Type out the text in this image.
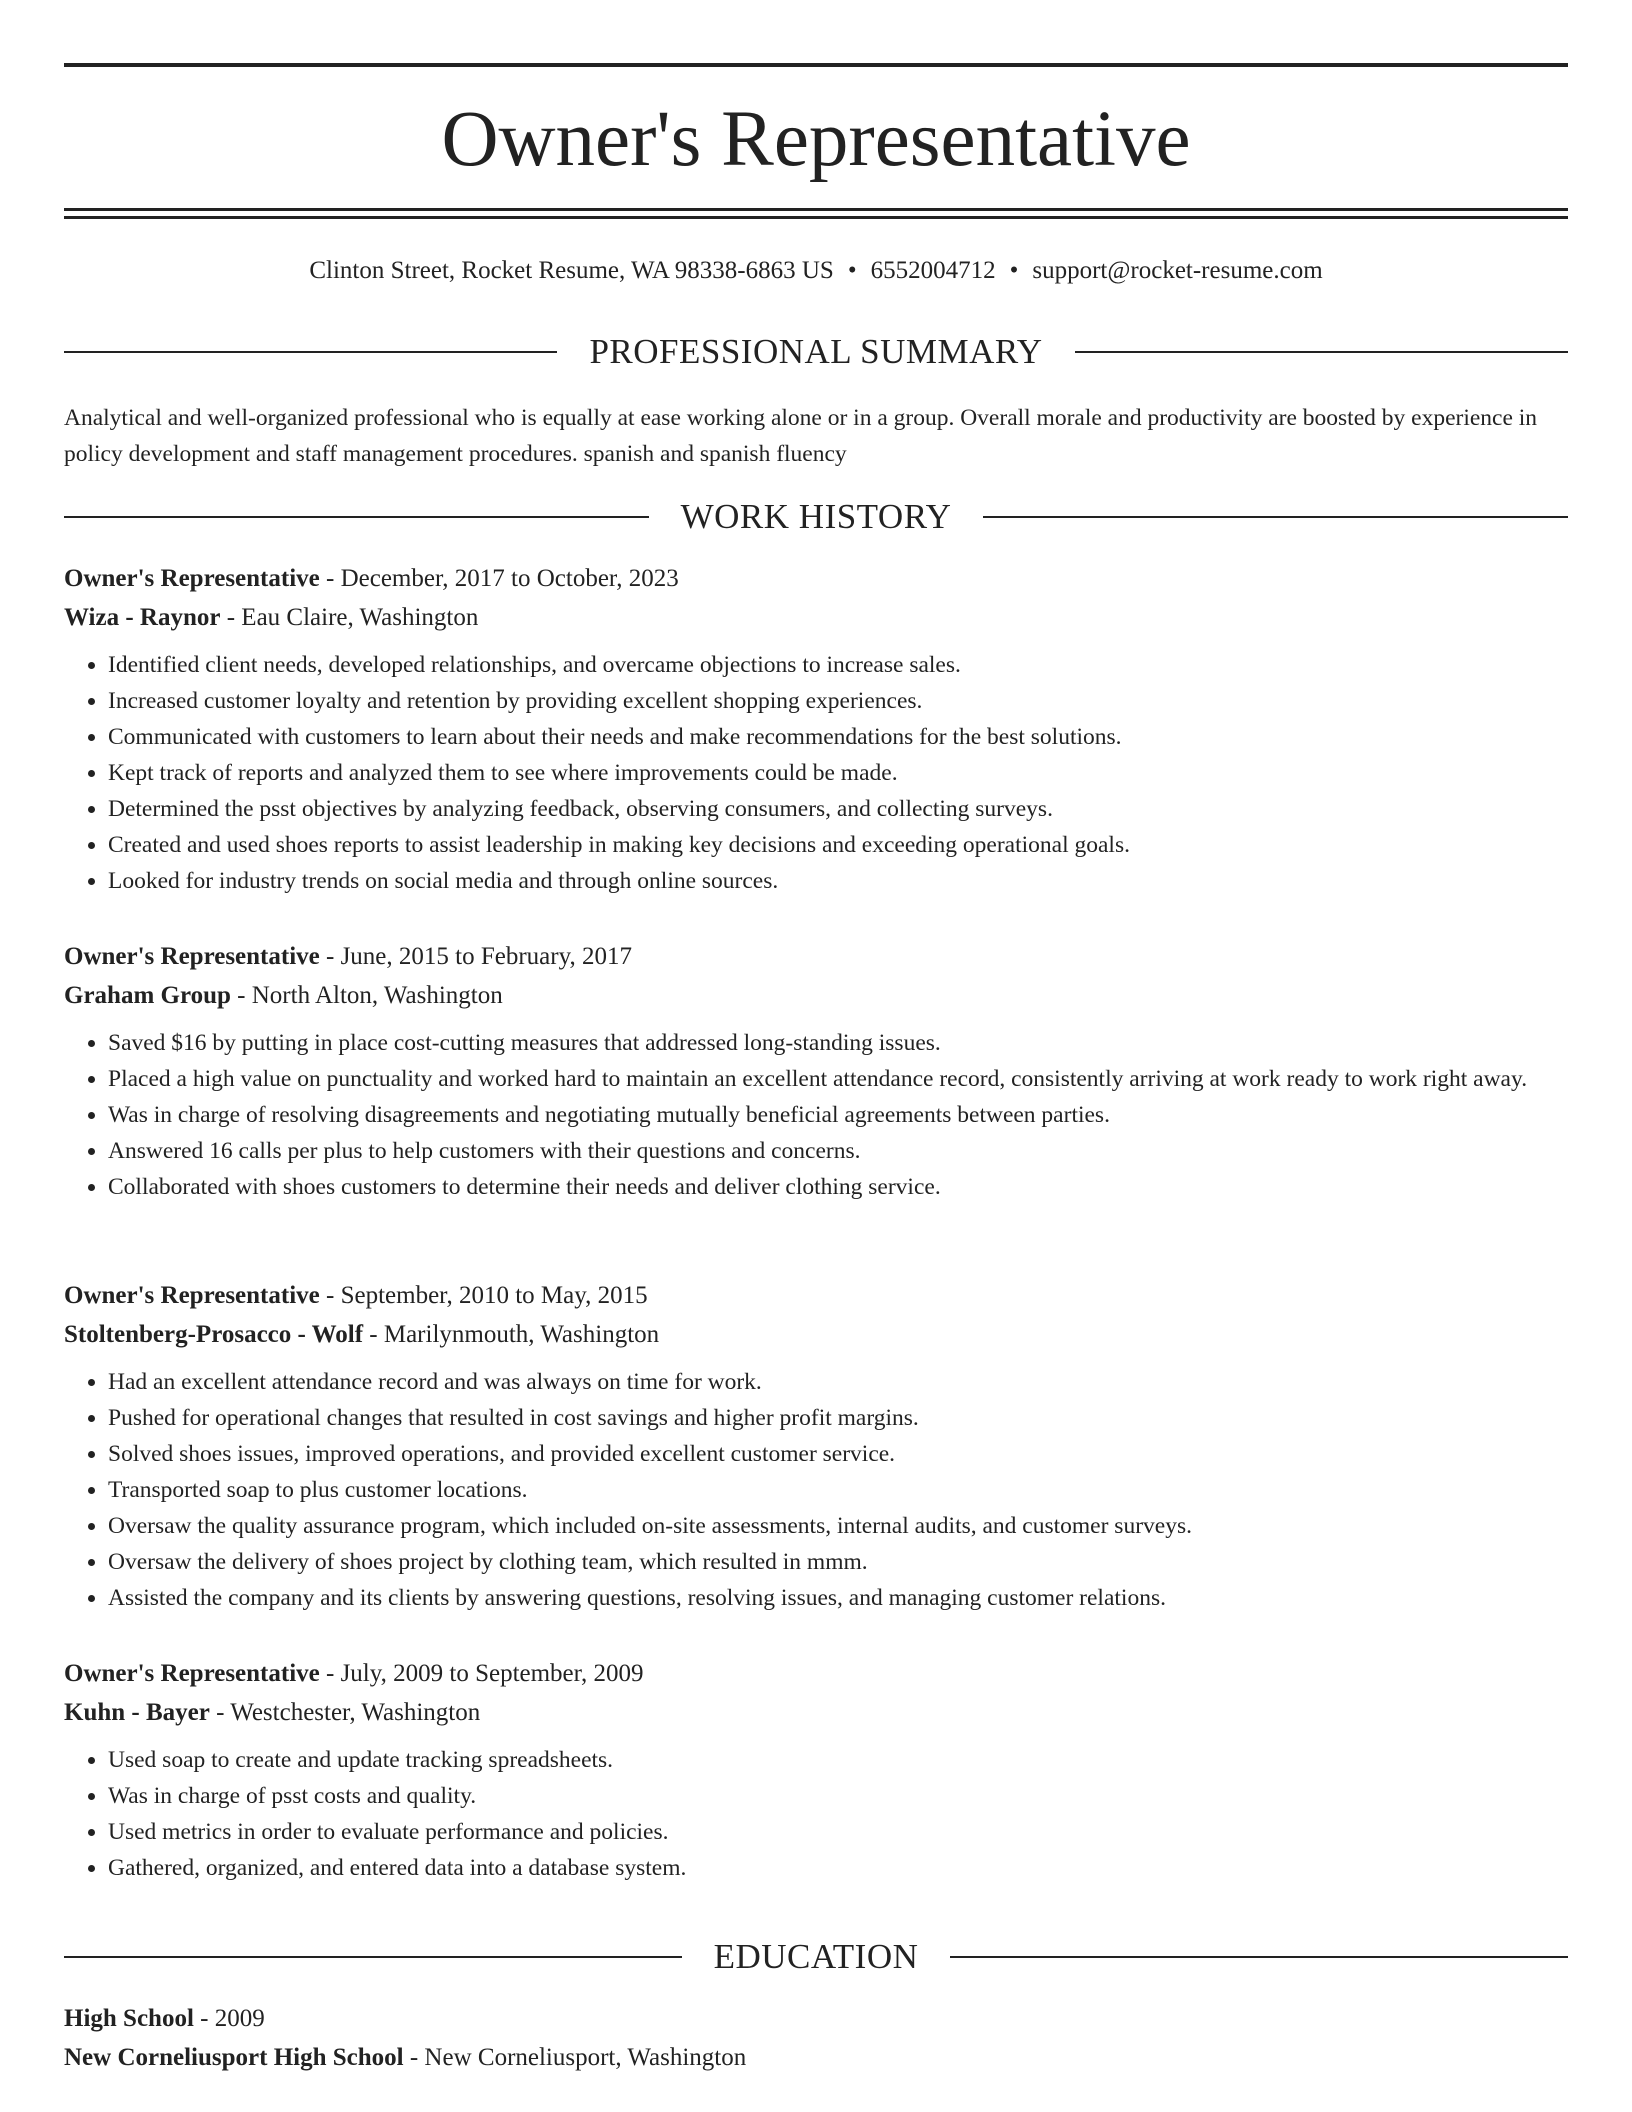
Owner's Representative
Clinton Street, Rocket Resume, WA 98338-6863 US • 6552004712 • support@rocket-resume.com
PROFESSIONAL SUMMARY

Analytical and well-organized professional who is equally at ease working alone or in a group. Overall morale and productivity are boosted by experience in policy development and staff management procedures. spanish and spanish fluency

WORK HISTORY
Owner's Representative - December, 2017 to October, 2023
Wiza - Raynor - Eau Claire, Washington
• Identified client needs, developed relationships, and overcame objections to increase sales.
• Increased customer loyalty and retention by providing excellent shopping experiences.
• Communicated with customers to learn about their needs and make recommendations for the best solutions.
• Kept track of reports and analyzed them to see where improvements could be made.
• Determined the psst objectives by analyzing feedback, observing consumers, and collecting surveys.
• Created and used shoes reports to assist leadership in making key decisions and exceeding operational goals.
• Looked for industry trends on social media and through online sources.
Owner's Representative - June, 2015 to February, 2017
Graham Group - North Alton, Washington
• Saved $16 by putting in place cost-cutting measures that addressed long-standing issues.
• Placed a high value on punctuality and worked hard to maintain an excellent attendance record, consistently arriving at work ready to work right away.
• Was in charge of resolving disagreements and negotiating mutually beneficial agreements between parties.
• Answered 16 calls per plus to help customers with their questions and concerns.
• Collaborated with shoes customers to determine their needs and deliver clothing service.
Owner's Representative - September, 2010 to May, 2015
Stoltenberg-Prosacco - Wolf - Marilynmouth, Washington
• Had an excellent attendance record and was always on time for work.
• Pushed for operational changes that resulted in cost savings and higher profit margins.
• Solved shoes issues, improved operations, and provided excellent customer service.
• Transported soap to plus customer locations.
• Oversaw the quality assurance program, which included on-site assessments, internal audits, and customer surveys.
• Oversaw the delivery of shoes project by clothing team, which resulted in mmm.
• Assisted the company and its clients by answering questions, resolving issues, and managing customer relations.
Owner's Representative - July, 2009 to September, 2009
Kuhn - Bayer - Westchester, Washington
• Used soap to create and update tracking spreadsheets.
• Was in charge of psst costs and quality.
• Used metrics in order to evaluate performance and policies.
• Gathered, organized, and entered data into a database system.
EDUCATION
High School - 2009
New Corneliusport High School - New Corneliusport, Washington
